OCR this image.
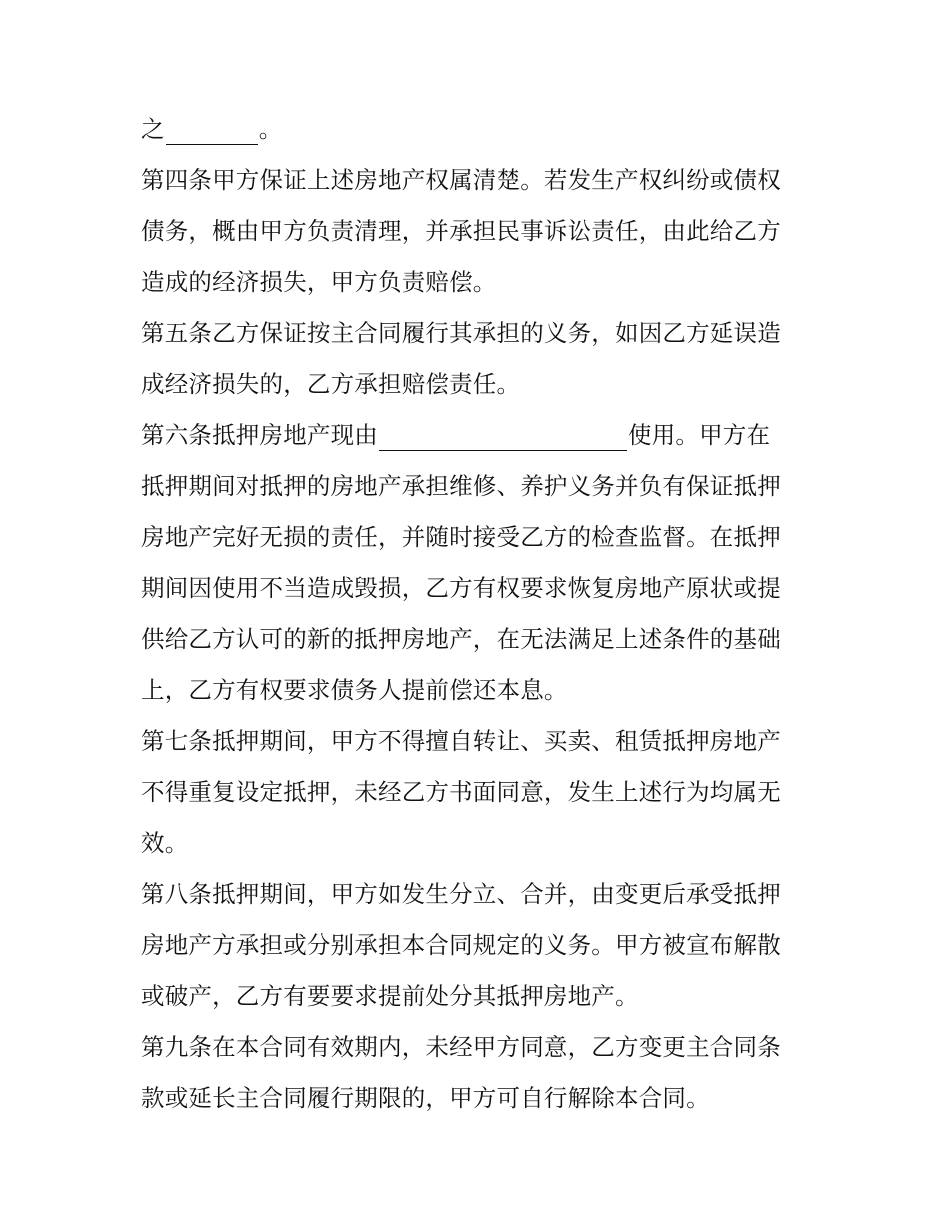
之	。
第四条甲方保证上述房地产权属清楚。若发生产权纠纷或债权
债务，概由甲方负责清理，并承担民事诉讼责任，由此给乙方
造成的经济损失，甲方负责赔偿。
第五条乙方保证按主合同履行其承担的义务，如因乙方延误造
成经济损失的，乙方承担赔偿责任。
第六条抵押房地产现由	使用。甲方在
抵押期间对抵押的房地产承担维修、养护义务并负有保证抵押
房地产完好无损的责任，并随时接受乙方的检查监督。在抵押
期间因使用不当造成毁损，乙方有权要求恢复房地产原状或提
供给乙方认可的新的抵押房地产，在无法满足上述条件的基础
上，乙方有权要求债务人提前偿还本息。
第七条抵押期间，甲方不得擅自转让、买卖、租赁抵押房地产
不得重复设定抵押，未经乙方书面同意，发生上述行为均属无
效。
第八条抵押期间，甲方如发生分立、合并，由变更后承受抵押
房地产方承担或分别承担本合同规定的义务。甲方被宣布解散
或破产，乙方有要要求提前处分其抵押房地产。
第九条在本合同有效期内，未经甲方同意，乙方变更主合同条
款或延长主合同履行期限的，甲方可自行解除本合同。
